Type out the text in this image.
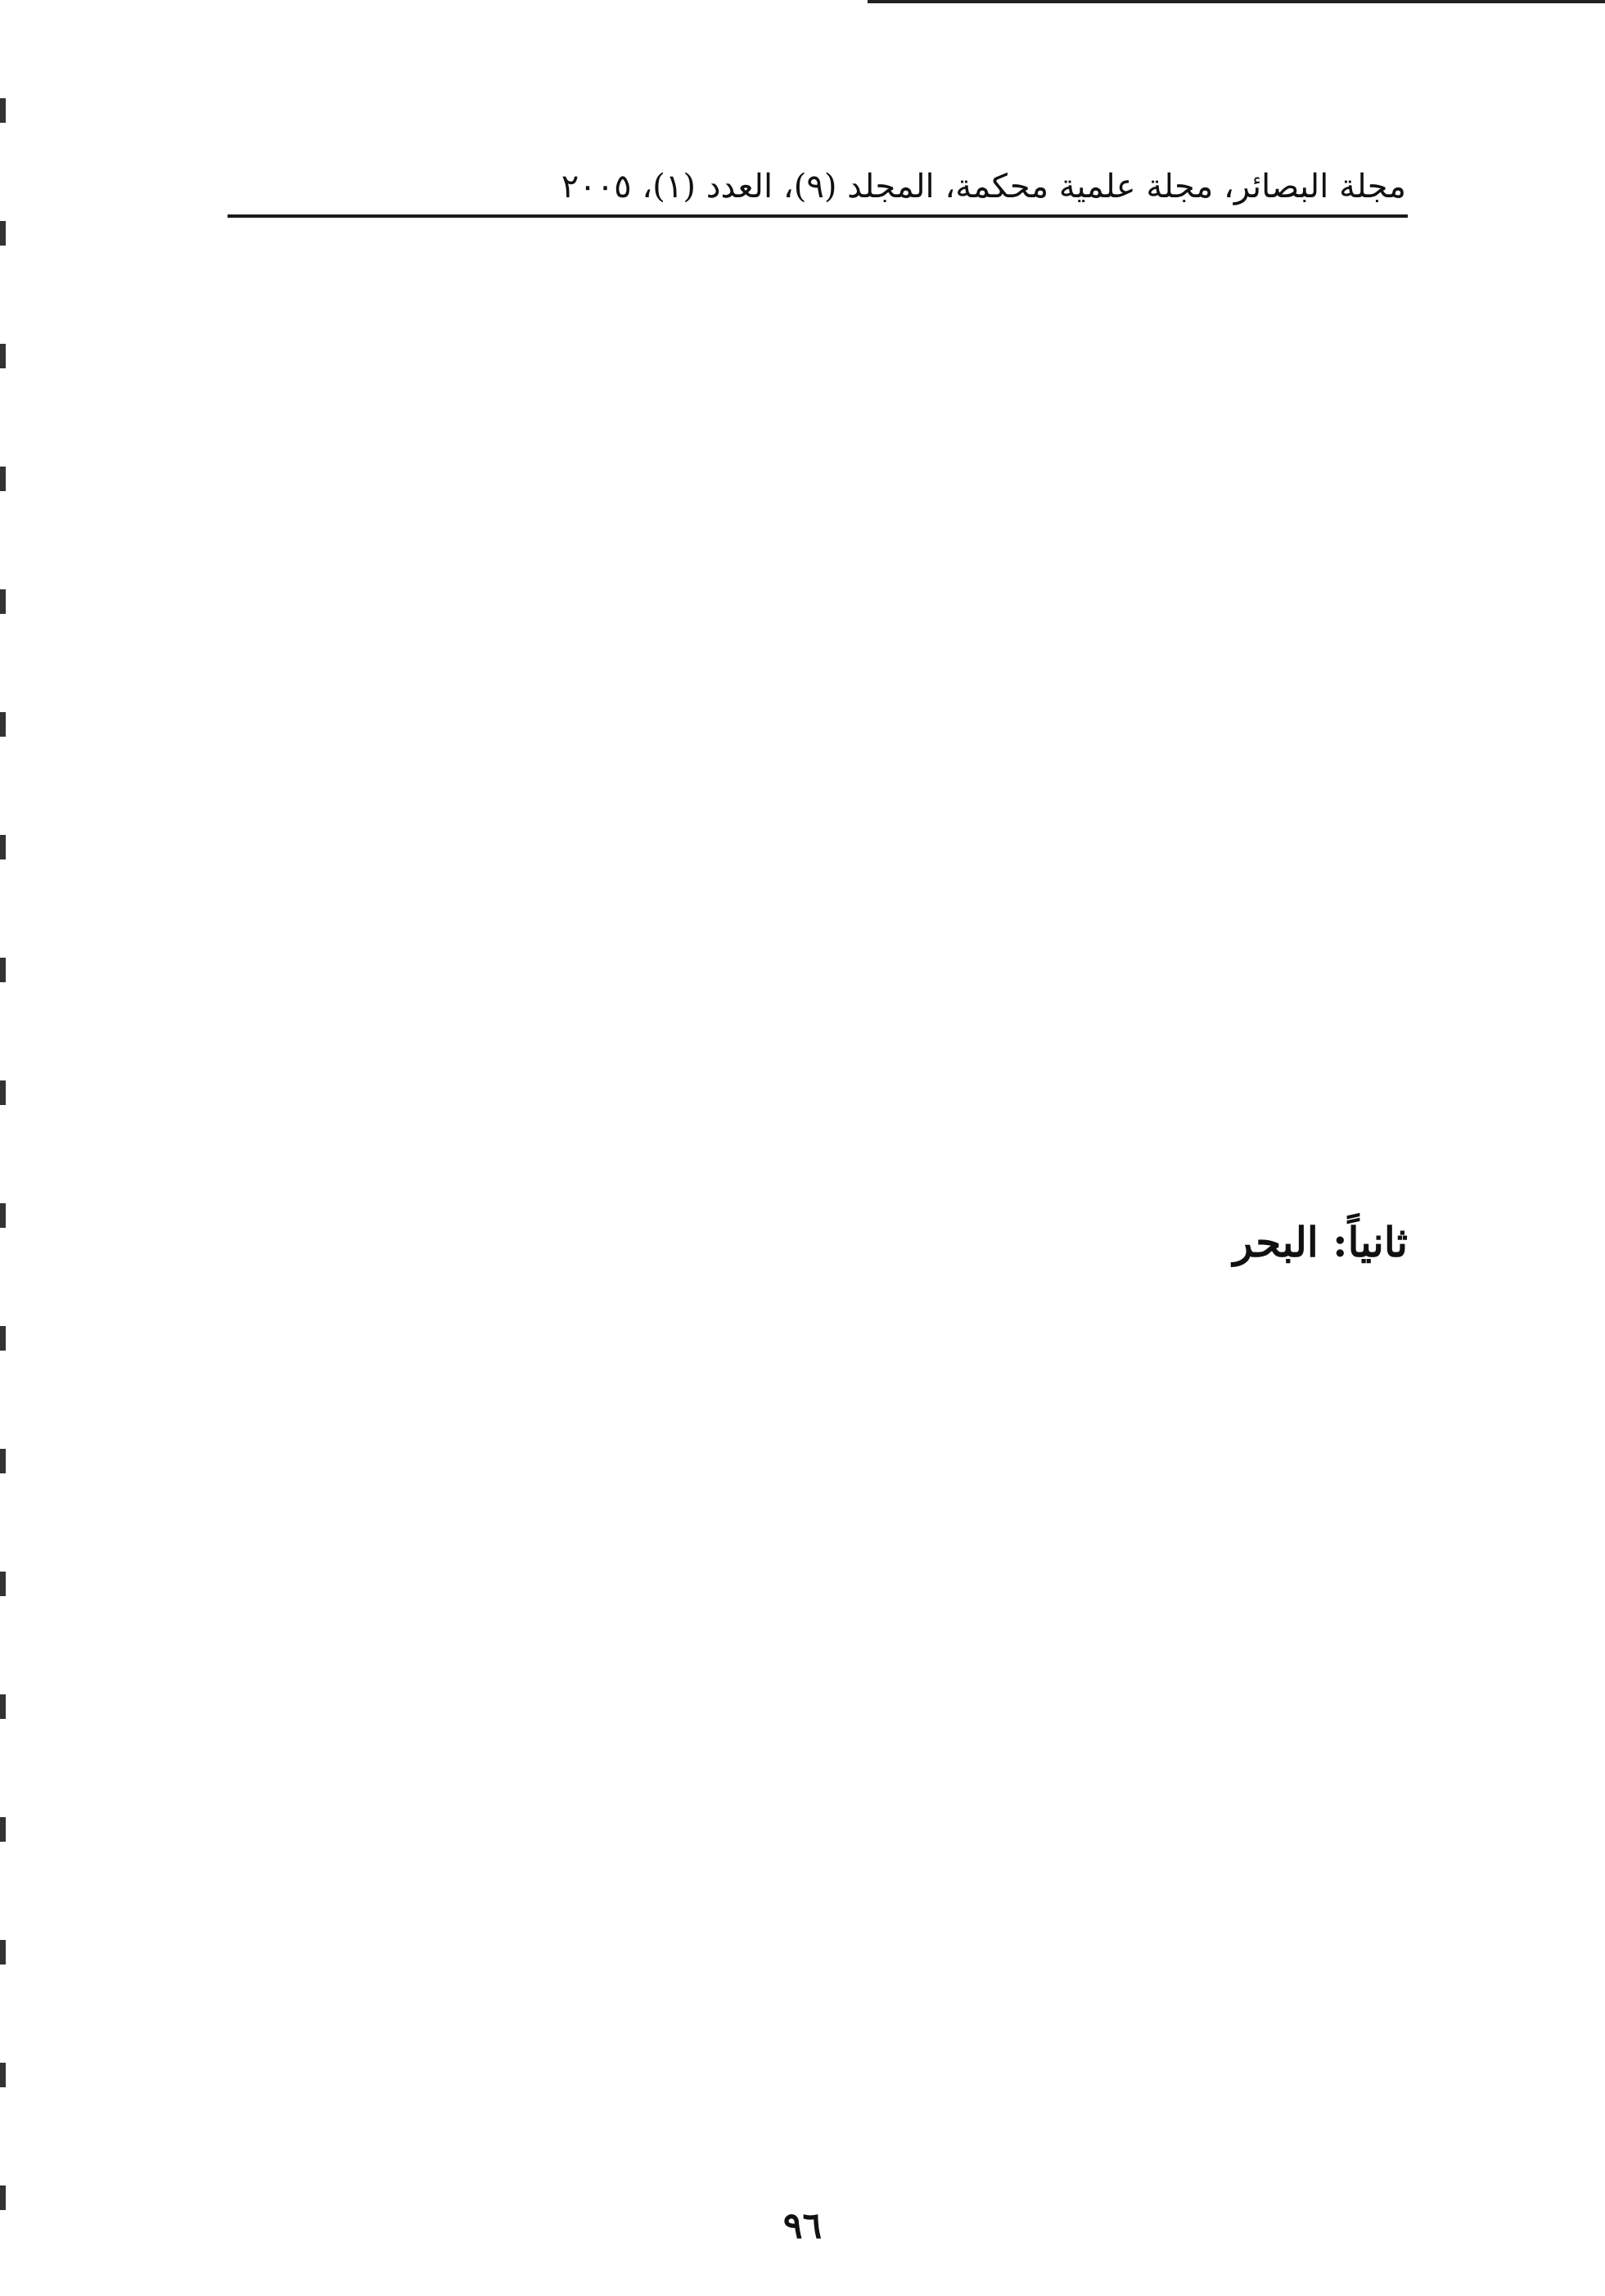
مجلة البصائر، مجلة علمية محكمة، المجلد (٩)، العدد (١)، ٢٠٠٥

ثانياً: البحر

٩٦
